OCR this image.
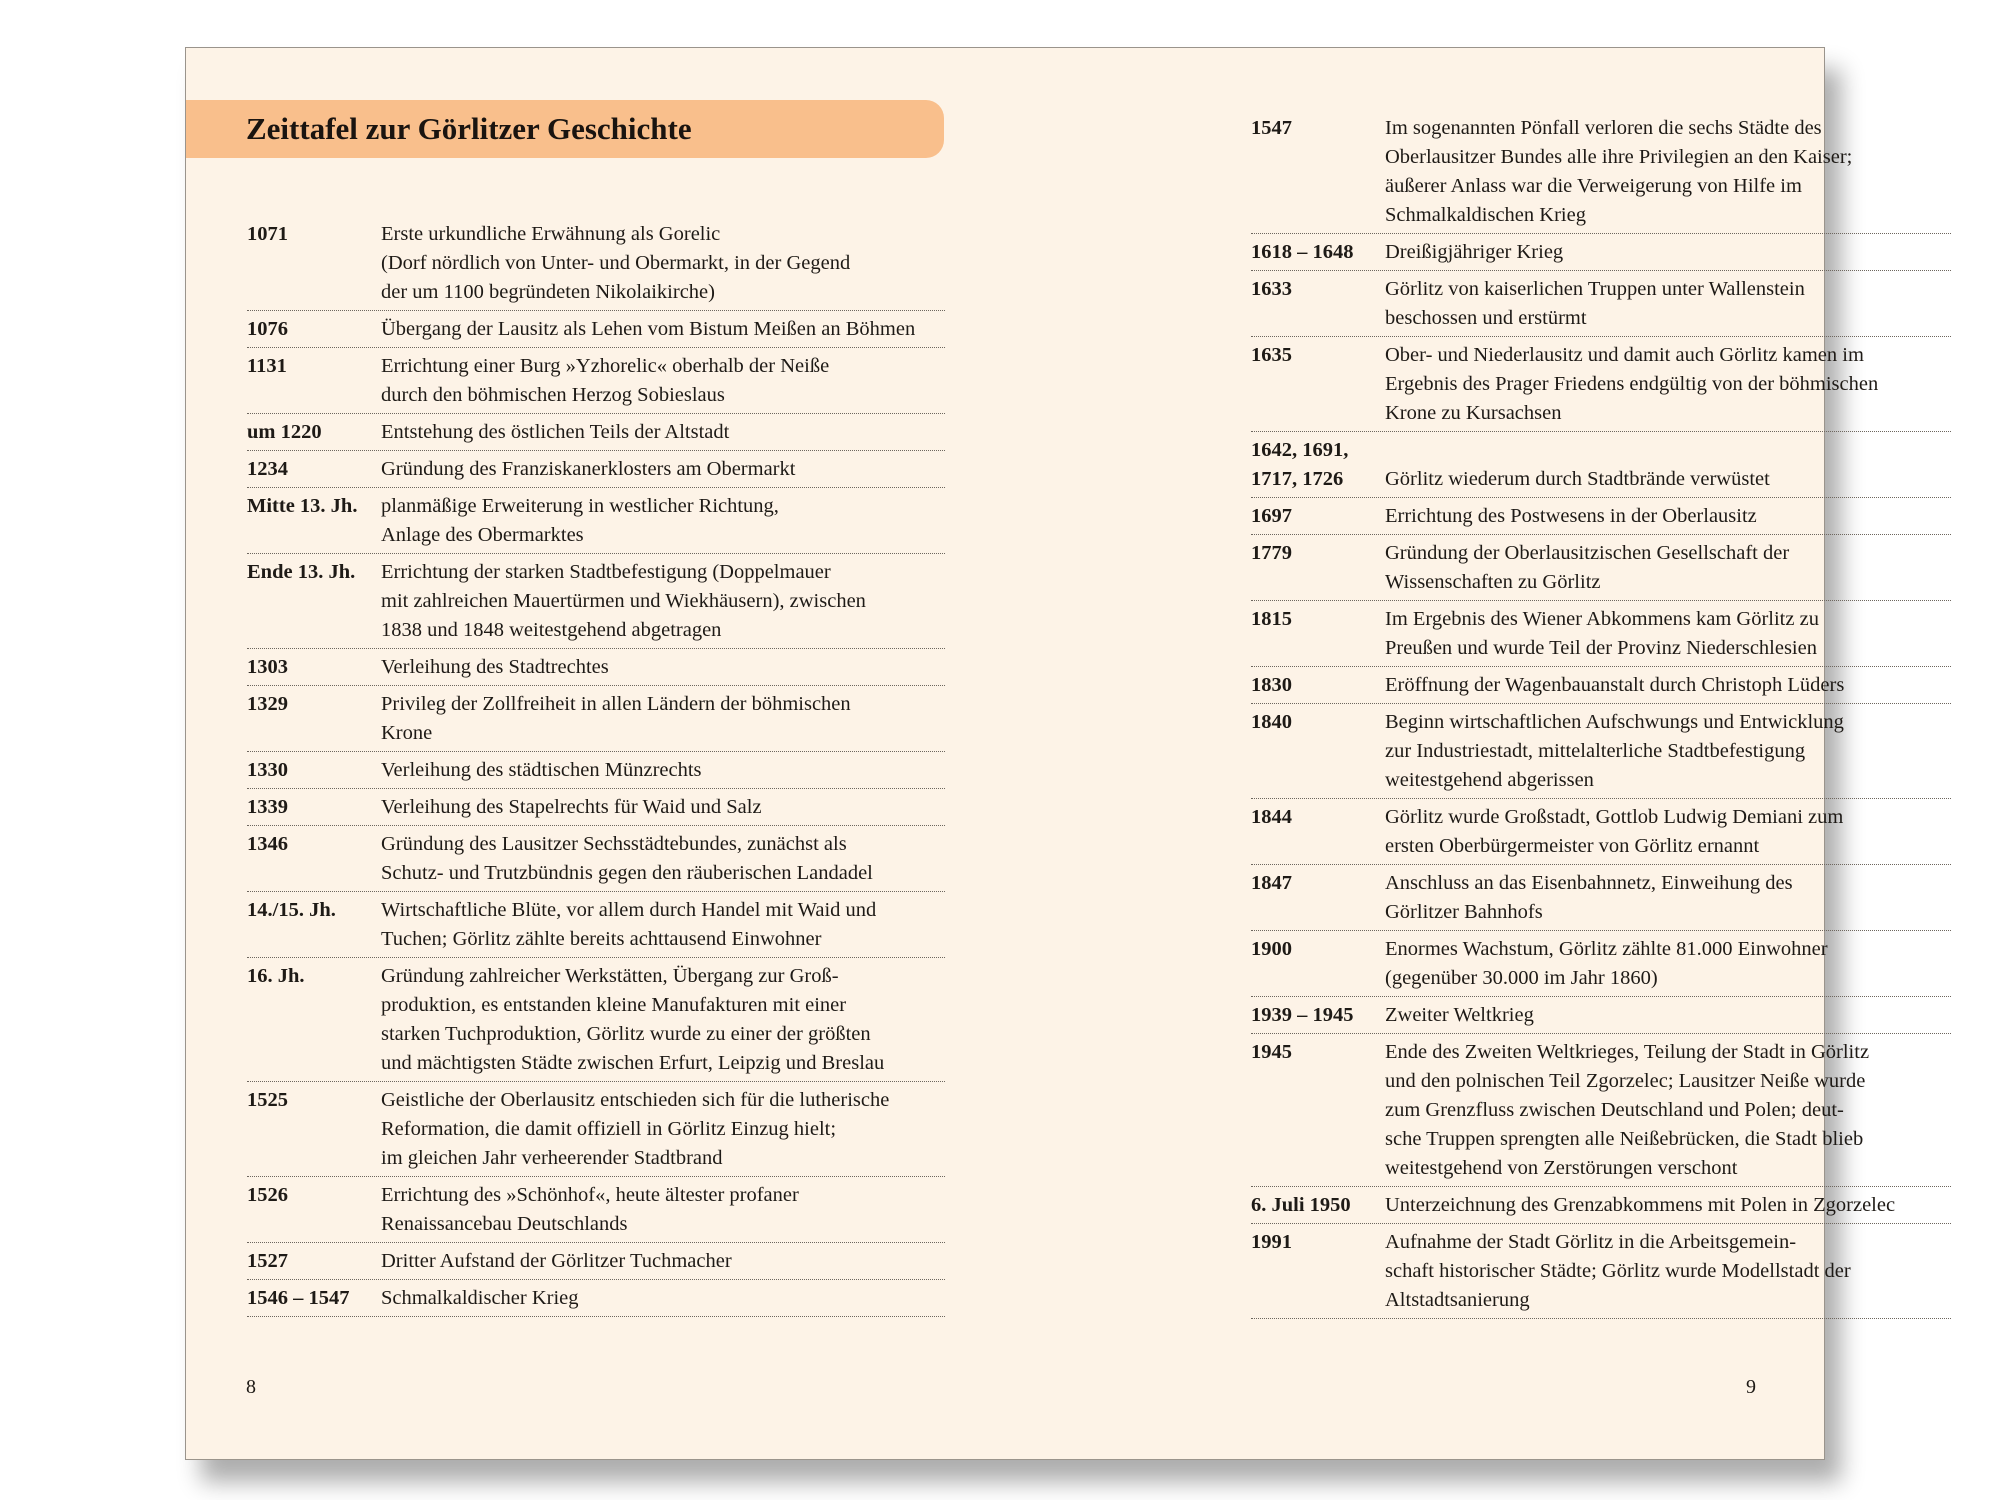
Zeittafel zur Görlitzer Geschichte
1071	Erste urkundliche Erwähnung als Gorelic
(Dorf nördlich von Unter- und Obermarkt, in der Gegend
der um 1100 begründeten Nikolaikirche)
1076	Übergang der Lausitz als Lehen vom Bistum Meißen an Böhmen
1131	Errichtung einer Burg »Yzhorelic« oberhalb der Neiße
durch den böhmischen Herzog Sobieslaus
um 1220	Entstehung des östlichen Teils der Altstadt
1234	Gründung des Franziskanerklosters am Obermarkt
Mitte 13. Jh.	planmäßige Erweiterung in westlicher Richtung,
Anlage des Obermarktes
Ende 13. Jh.	Errichtung der starken Stadtbefestigung (Doppelmauer
mit zahlreichen Mauertürmen und Wiekhäusern), zwischen
1838 und 1848 weitestgehend abgetragen
1303	Verleihung des Stadtrechtes
1329	Privileg der Zollfreiheit in allen Ländern der böhmischen
Krone
1330	Verleihung des städtischen Münzrechts
1339	Verleihung des Stapelrechts für Waid und Salz
1346	Gründung des Lausitzer Sechsstädtebundes, zunächst als
Schutz- und Trutzbündnis gegen den räuberischen Landadel
14./15. Jh.	Wirtschaftliche Blüte, vor allem durch Handel mit Waid und
Tuchen; Görlitz zählte bereits achttausend Einwohner
16. Jh.	Gründung zahlreicher Werkstätten, Übergang zur Groß-
produktion, es entstanden kleine Manufakturen mit einer
starken Tuchproduktion, Görlitz wurde zu einer der größten
und mächtigsten Städte zwischen Erfurt, Leipzig und Breslau
1525	Geistliche der Oberlausitz entschieden sich für die lutherische
Reformation, die damit offiziell in Görlitz Einzug hielt;
im gleichen Jahr verheerender Stadtbrand
1526	Errichtung des »Schönhof«, heute ältester profaner
Renaissancebau Deutschlands
1527	Dritter Aufstand der Görlitzer Tuchmacher
1546 – 1547	Schmalkaldischer Krieg
8
1547	Im sogenannten Pönfall verloren die sechs Städte des
Oberlausitzer Bundes alle ihre Privilegien an den Kaiser;
äußerer Anlass war die Verweigerung von Hilfe im
Schmalkaldischen Krieg
1618 – 1648	Dreißigjähriger Krieg
1633	Görlitz von kaiserlichen Truppen unter Wallenstein
beschossen und erstürmt
1635	Ober- und Niederlausitz und damit auch Görlitz kamen im
Ergebnis des Prager Friedens endgültig von der böhmischen
Krone zu Kursachsen
1642, 1691,
1717, 1726	Görlitz wiederum durch Stadtbrände verwüstet
1697	Errichtung des Postwesens in der Oberlausitz
1779	Gründung der Oberlausitzischen Gesellschaft der
Wissenschaften zu Görlitz
1815	Im Ergebnis des Wiener Abkommens kam Görlitz zu
Preußen und wurde Teil der Provinz Niederschlesien
1830	Eröffnung der Wagenbauanstalt durch Christoph Lüders
1840	Beginn wirtschaftlichen Aufschwungs und Entwicklung
zur Industriestadt, mittelalterliche Stadtbefestigung
weitestgehend abgerissen
1844	Görlitz wurde Großstadt, Gottlob Ludwig Demiani zum
ersten Oberbürgermeister von Görlitz ernannt
1847	Anschluss an das Eisenbahnnetz, Einweihung des
Görlitzer Bahnhofs
1900	Enormes Wachstum, Görlitz zählte 81.000 Einwohner
(gegenüber 30.000 im Jahr 1860)
1939 – 1945	Zweiter Weltkrieg
1945	Ende des Zweiten Weltkrieges, Teilung der Stadt in Görlitz
und den polnischen Teil Zgorzelec; Lausitzer Neiße wurde
zum Grenzfluss zwischen Deutschland und Polen; deut-
sche Truppen sprengten alle Neißebrücken, die Stadt blieb
weitestgehend von Zerstörungen verschont
6. Juli 1950	Unterzeichnung des Grenzabkommens mit Polen in Zgorzelec
1991	Aufnahme der Stadt Görlitz in die Arbeitsgemein-
schaft historischer Städte; Görlitz wurde Modellstadt der
Altstadtsanierung
9
